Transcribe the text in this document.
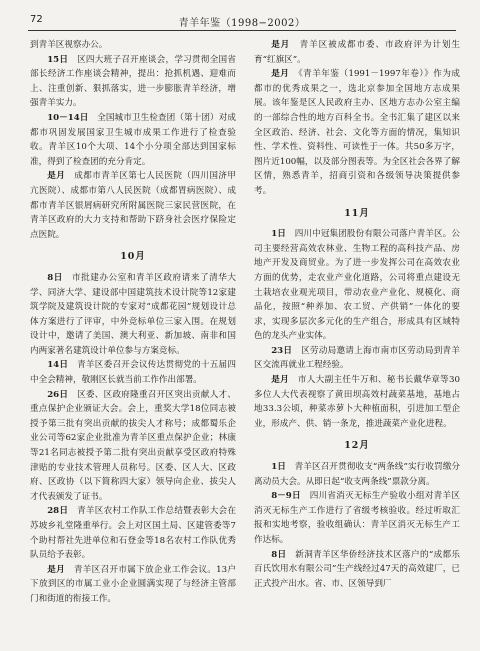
72	青羊年鉴（1998−2002）

到青羊区视察办公。

15日　 区四大班子召开座谈会，学习贯彻全国省部长经济工作座谈会精神，提出：抢抓机遇、迎难而上、注重创新、狠抓落实，进一步膨胀青羊经济，增强青羊实力。

10－14日　 全国城市卫生检查团（第十团）对成都市巩固发展国家卫生城市成果工作进行了检查验收。青羊区10个大项、14个小分项全部达到国家标准，得到了检查团的充分肯定。

是月　 成都市青羊区第七人民医院（四川国济甲亢医院）、成都市第八人民医院（成都胃病医院）、成都市青羊区银屑病研究所附属医院三家民营医院，在青羊区政府的大力支持和帮助下跻身社会医疗保险定点医院。

10月

8日　 市批建办公室和青羊区政府请来了清华大学、同济大学、建设部中国建筑技术设计院等12家建筑学院及建筑设计院的专家对“成都花园”规划设计总体方案进行了评审，中外竞标单位三家入围。在规划设计中，邀请了美国、澳大利亚、新加坡、南非和国内两家著名建筑设计单位参与方案竞标。

14日　 青羊区委召开会议传达贯彻党的十五届四中全会精神，敬刚区长就当前工作作出部署。

26日　 区委、区政府隆重召开区突出贡献人才、重点保护企业颁证大会。会上，重奖大学18位同志被授予第三批有突出贡献的拔尖人才称号；成都蜀乐企业公司等62家企业批准为青羊区重点保护企业；林康等21名同志被授予第二批有突出贡献享受区政府特殊津贴的专业技术管理人员称号。区委、区人大、区政府、区政协（以下简称四大家）领导向企业、拔尖人才代表颁发了证书。

28日　 青羊区农村工作队工作总结暨表彰大会在苏坡乡礼堂隆重举行。会上对区国土局、区建管委等7个助村帮社先进单位和石登金等18名农村工作队优秀队员给予表彰。

是月　 青羊区召开市属下放企业工作会议。13户下放到区的市属工业小企业圆满实现了与经济主管部门和街道的衔接工作。

是月　 青羊区被成都市委、市政府评为计划生育“红旗区”。

是月　 《青羊年鉴（1991－1997年卷）》作为成都市的优秀成果之一，选北京参加全国地方志成果展。该年鉴是区人民政府主办、区地方志办公室主编的一部综合性的地方百科全书。全书汇集了建区以来全区政治、经济、社会、文化等方面的情况，集知识性、学术性、资料性、可读性于一体。共50多万字，图片近100幅，以及部分图表等。为全区社会各界了解区情，熟悉青羊，招商引资和各级领导决策提供参考。

11月

1日　 四川中冠集团股份有限公司落户青羊区。公司主要经营高效农林业、生物工程的高科技产品、房地产开发及商贸业。为了进一步发挥公司在高效农业方面的优势，走农业产业化道路，公司将重点建设无土栽培农业观光项目，带动农业产业化、规模化、商品化，按照“种养加、农工贸、产供销”一体化的要求，实现多层次多元化的生产组合，形成具有区域特色的龙头产业实体。

23日　 区劳动局邀请上海市南市区劳动局到青羊区交流再就业工程经验。

是月　 市人大副主任牛万和、秘书长戴华章等30多位人大代表视察了黄田坝高效村蔬菜基地，基地占地33.3公顷，种菜赤萝卜大种植面积，引进加工型企业，形成产、供、销一条龙，推进蔬菜产业化进程。

12月

1日　 青羊区召开贯彻收支“两条线”实行收罚缴分离动员大会。从即日起“收支两条线”票款分离。

8－9日　 四川省消灭无标生产验收小组对青羊区消灭无标生产工作进行了省级考核验收。经过听取汇报和实地考察，验收组确认：青羊区消灭无标生产工作达标。

8日　 新洞青羊区华侨经济技术区落户的“成都乐百氏饮用水有限公司”生产线经过47天的高效建厂，已正式投产出水。省、市、区领导到厂
